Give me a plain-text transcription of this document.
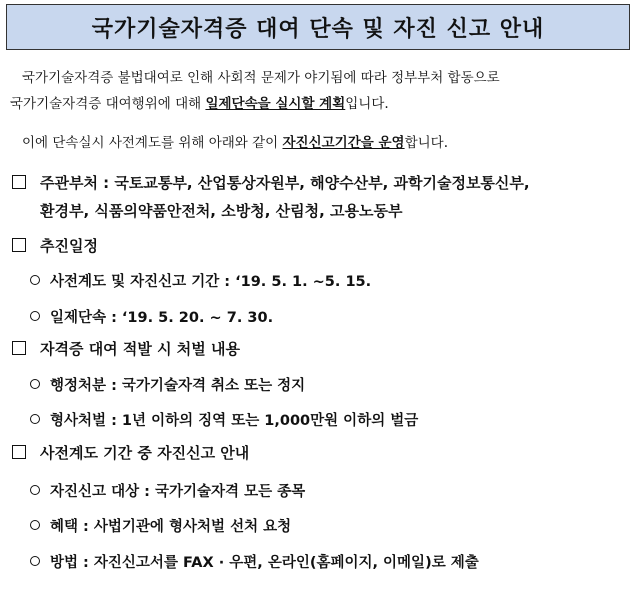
국가기술자격증 대여 단속 및 자진 신고 안내
국가기술자격증 불법대여로 인해 사회적 문제가 야기됨에 따라 정부부처 합동으로
국가기술자격증 대여행위에 대해 일제단속을 실시할 계획입니다.
이에 단속실시 사전계도를 위해 아래와 같이 자진신고기간을 운영합니다.
주관부처 : 국토교통부, 산업통상자원부, 해양수산부, 과학기술정보통신부,
환경부, 식품의약품안전처, 소방청, 산림청, 고용노동부
추진일정
사전계도 및 자진신고 기간 : ‘19. 5. 1. ~5. 15.
일제단속 : ‘19. 5. 20. ~ 7. 30.
자격증 대여 적발 시 처벌 내용
행정처분 : 국가기술자격 취소 또는 정지
형사처벌 : 1년 이하의 징역 또는 1,000만원 이하의 벌금
사전계도 기간 중 자진신고 안내
자진신고 대상 : 국가기술자격 모든 종목
혜택 : 사법기관에 형사처벌 선처 요청
방법 : 자진신고서를 FAX · 우편, 온라인(홈페이지, 이메일)로 제출
